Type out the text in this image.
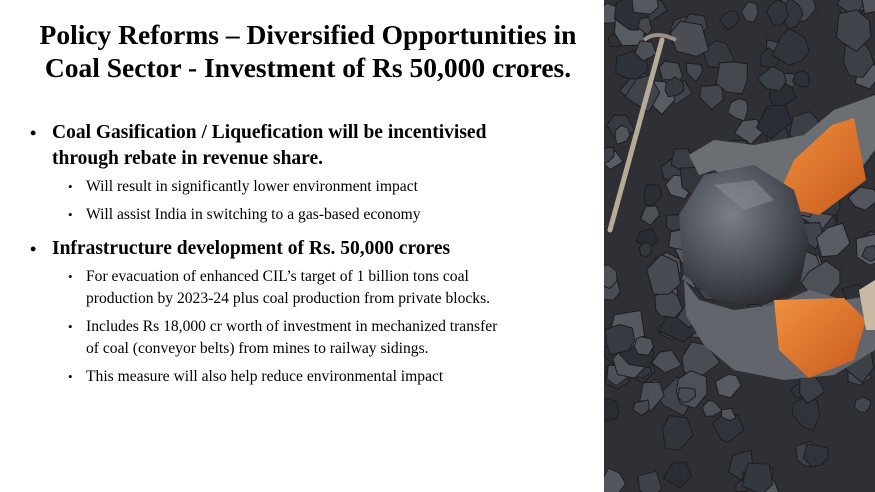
Policy Reforms – Diversified Opportunities in
Coal Sector - Investment of Rs 50,000 crores.
• Coal Gasification / Liquefication will be incentivised
through rebate in revenue share.
• Will result in significantly lower environment impact
• Will assist India in switching to a gas-based economy
• Infrastructure development of Rs. 50,000 crores
• For evacuation of enhanced CIL’s target of 1 billion tons coal
production by 2023-24 plus coal production from private blocks.
• Includes Rs 18,000 cr worth of investment in mechanized transfer
of coal (conveyor belts) from mines to railway sidings.
• This measure will also help reduce environmental impact
